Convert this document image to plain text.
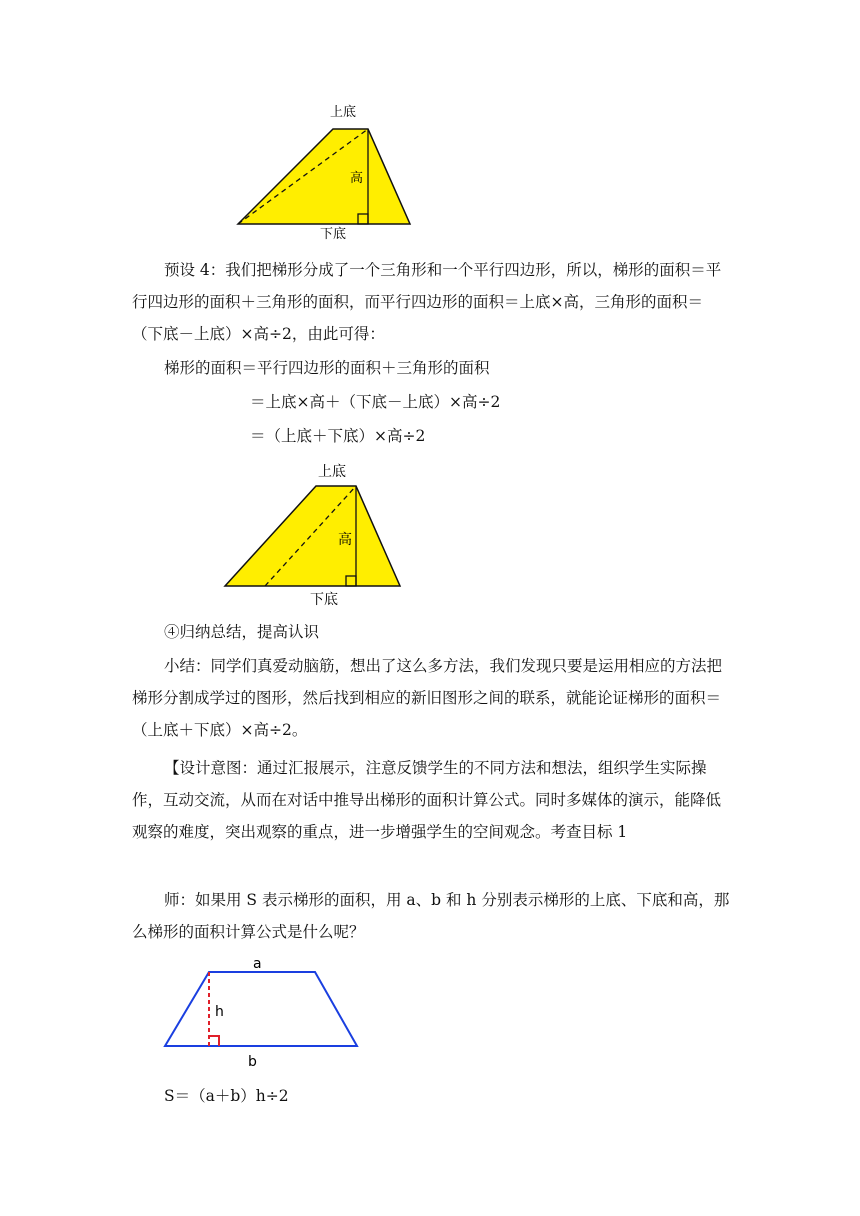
上底
高
下底

预设 4：我们把梯形分成了一个三角形和一个平行四边形，所以，梯形的面积＝平行四边形的面积＋三角形的面积，而平行四边形的面积＝上底×高，三角形的面积＝（下底－上底）×高÷2，由此可得：

梯形的面积＝平行四边形的面积＋三角形的面积

＝上底×高＋（下底－上底）×高÷2

＝（上底＋下底）×高÷2

上底
高
下底

④归纳总结，提高认识

小结：同学们真爱动脑筋，想出了这么多方法，我们发现只要是运用相应的方法把梯形分割成学过的图形，然后找到相应的新旧图形之间的联系，就能论证梯形的面积＝（上底＋下底）×高÷2。

【设计意图：通过汇报展示，注意反馈学生的不同方法和想法，组织学生实际操作，互动交流，从而在对话中推导出梯形的面积计算公式。同时多媒体的演示，能降低观察的难度，突出观察的重点，进一步增强学生的空间观念。考查目标 1

师：如果用 S 表示梯形的面积，用 a、b 和 h 分别表示梯形的上底、下底和高，那么梯形的面积计算公式是什么呢？

a
h
b

S＝（a＋b）h÷2
